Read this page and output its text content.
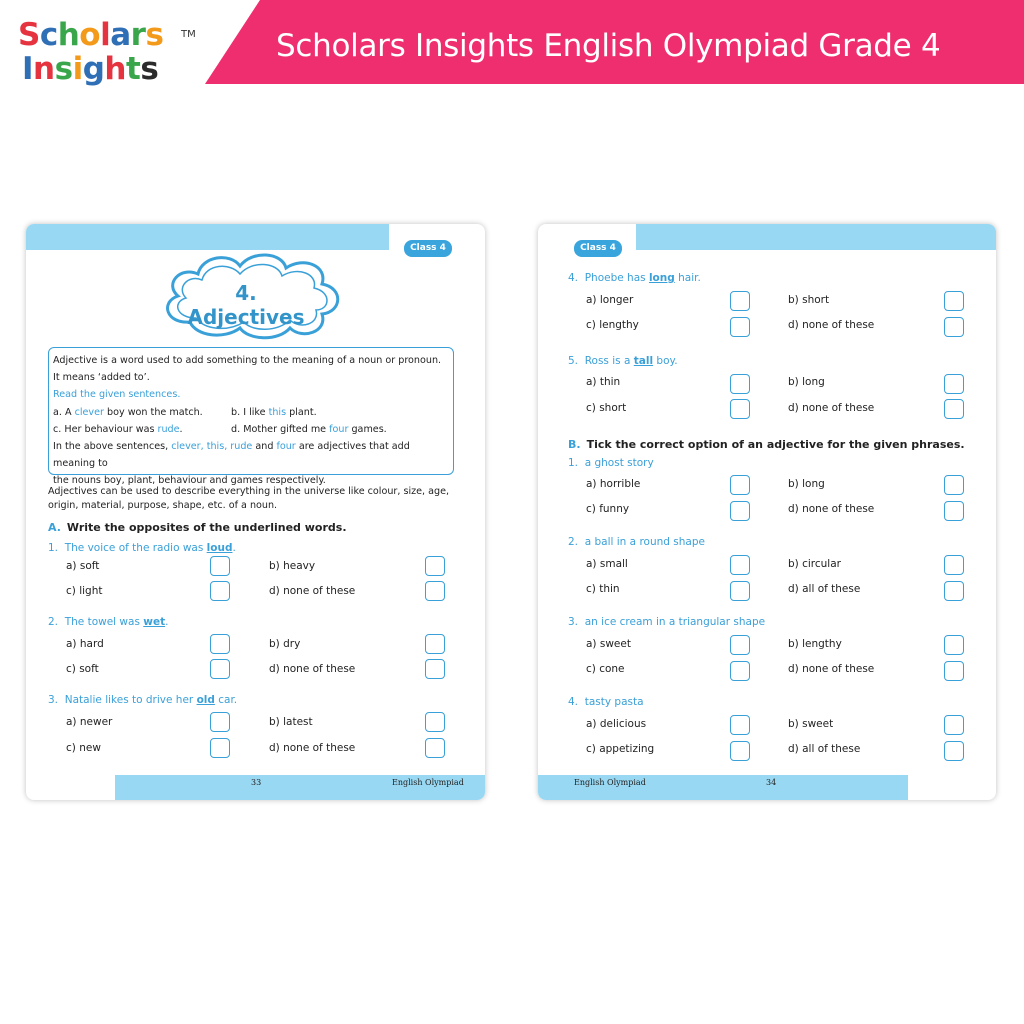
Scholars
Insights
TM	Scholars Insights English Olympiad Grade 4
Class 4
4. Adjectives
Adjective is a word used to add something to the meaning of a noun or pronoun.
It means ‘added to’.
Read the given sentences.
a. A clever boy won the match.	b. I like this plant.
c. Her behaviour was rude.	d. Mother gifted me four games.
In the above sentences, clever, this, rude and four are adjectives that add meaning to
the nouns boy, plant, behaviour and games respectively.
Adjectives can be used to describe everything in the universe like colour, size, age, origin, material, purpose, shape, etc. of a noun.
A. Write the opposites of the underlined words.
1. The voice of the radio was loud.
a) soft	b) heavy
c) light	d) none of these
2. The towel was wet.
a) hard	b) dry
c) soft	d) none of these
3. Natalie likes to drive her old car.
a) newer	b) latest
c) new	d) none of these
33	English Olympiad
Class 4
4. Phoebe has long hair.
a) longer	b) short
c) lengthy	d) none of these
5. Ross is a tall boy.
a) thin	b) long
c) short	d) none of these
B. Tick the correct option of an adjective for the given phrases.
1. a ghost story
a) horrible	b) long
c) funny	d) none of these
2. a ball in a round shape
a) small	b) circular
c) thin	d) all of these
3. an ice cream in a triangular shape
a) sweet	b) lengthy
c) cone	d) none of these
4. tasty pasta
a) delicious	b) sweet
c) appetizing	d) all of these
English Olympiad	34
